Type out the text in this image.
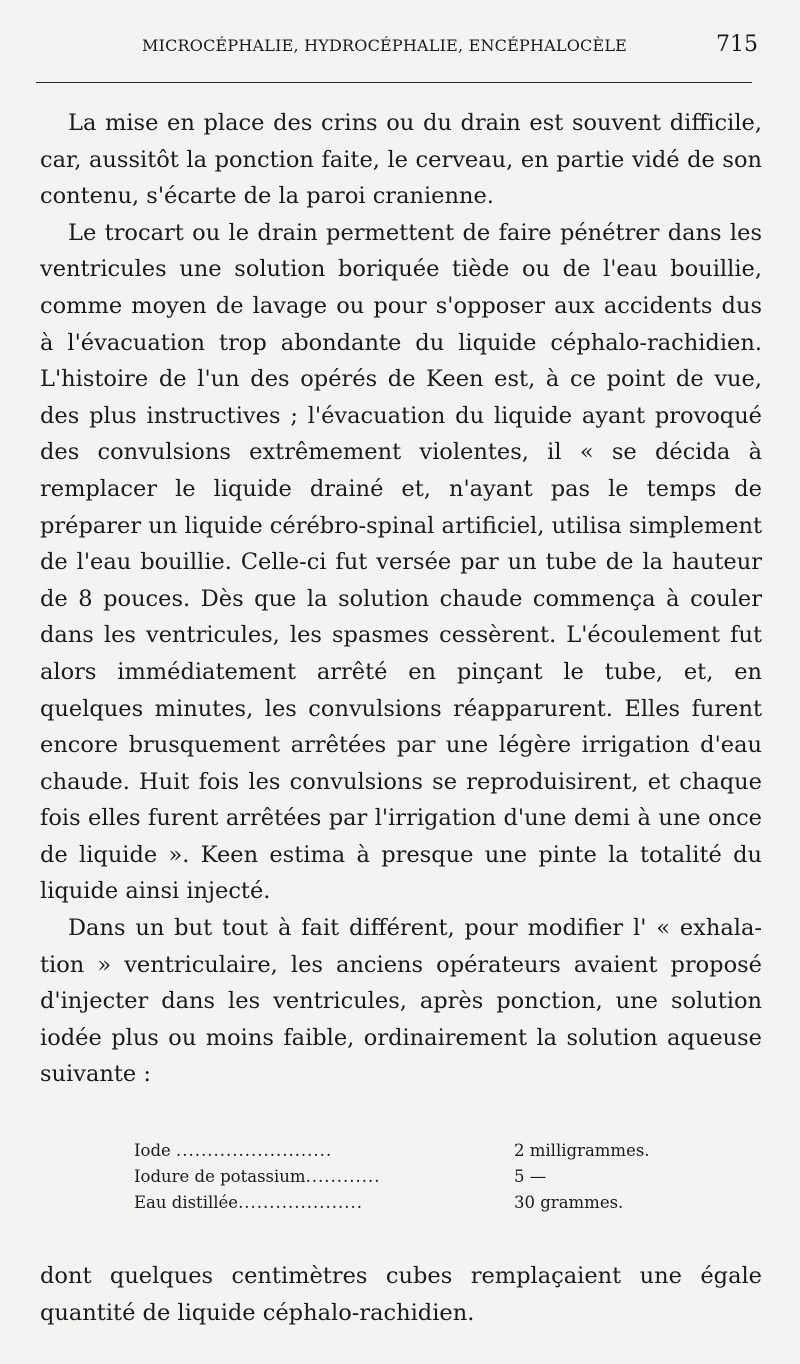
MICROCÉPHALIE, HYDROCÉPHALIE, ENCÉPHALOCÈLE	715

La mise en place des crins ou du drain est souvent difficile, car, aussitôt la ponction faite, le cerveau, en partie vidé de son contenu, s'écarte de la paroi cranienne.

Le trocart ou le drain permettent de faire pénétrer dans les ventricules une solution boriquée tiède ou de l'eau bouillie, comme moyen de lavage ou pour s'opposer aux accidents dus à l'évacuation trop abondante du liquide céphalo-rachidien. L'histoire de l'un des opérés de Keen est, à ce point de vue, des plus instructives ; l'évacuation du liquide ayant provoqué des convulsions extrêmement violentes, il « se décida à remplacer le liquide drainé et, n'ayant pas le temps de préparer un liquide cérébro-spinal artificiel, utilisa simplement de l'eau bouillie. Celle-ci fut versée par un tube de la hauteur de 8 pouces. Dès que la solution chaude commença à couler dans les ventricules, les spasmes cessèrent. L'écoulement fut alors immédiatement arrêté en pinçant le tube, et, en quelques minutes, les convulsions réapparurent. Elles furent encore brusquement arrêtées par une légère irrigation d'eau chaude. Huit fois les convulsions se reproduisirent, et chaque fois elles furent arrêtées par l'irrigation d'une demi à une once de liquide ». Keen estima à presque une pinte la totalité du liquide ainsi injecté.

Dans un but tout à fait différent, pour modifier l' « exhalation » ventriculaire, les anciens opérateurs avaient proposé d'injecter dans les ventricules, après ponction, une solution iodée plus ou moins faible, ordinairement la solution aqueuse suivante :

Iode .........................	2 milligrammes.
Iodure de potassium............	5 —
Eau distillée....................	30 grammes.

dont quelques centimètres cubes remplaçaient une égale quantité de liquide céphalo-rachidien.
